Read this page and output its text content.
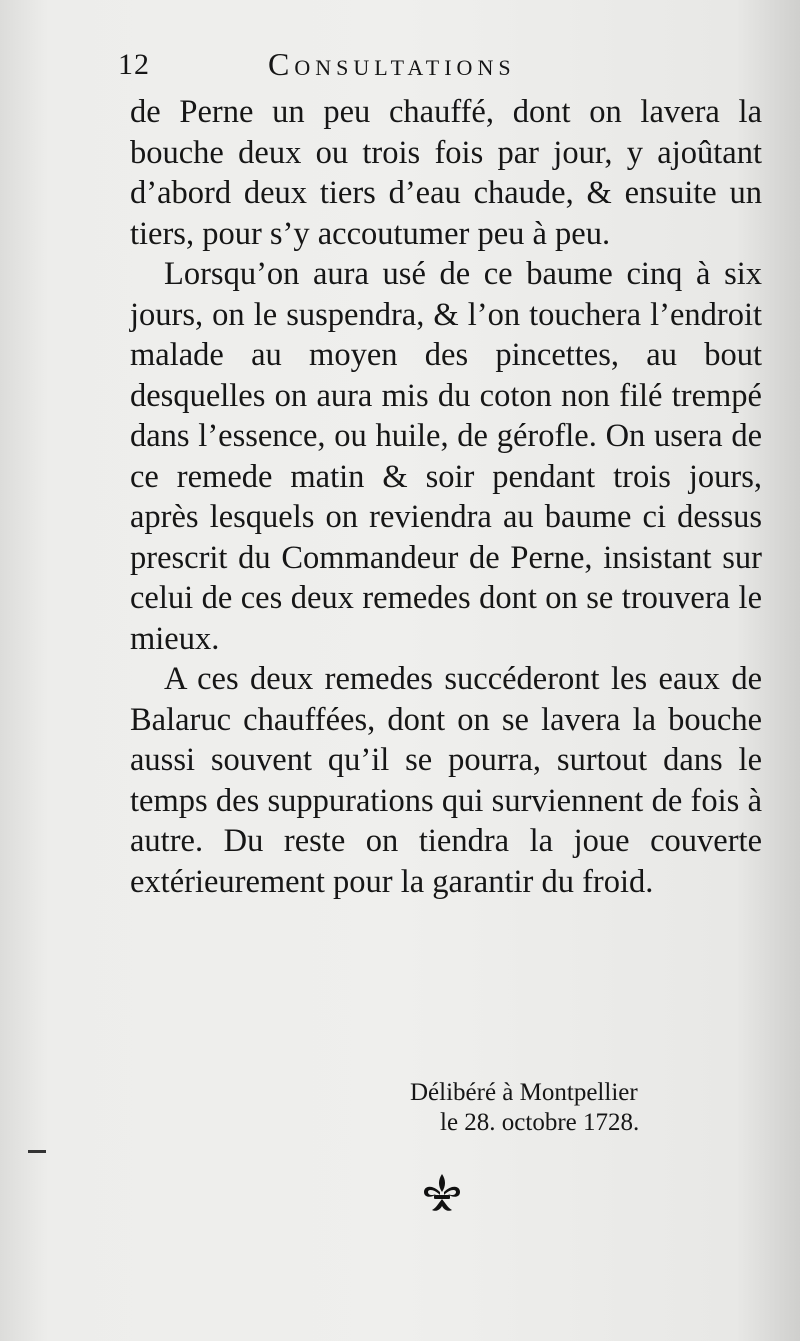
12	Consultations

de Perne un peu chauffé, dont on lavera la bouche deux ou trois fois par jour, y ajoûtant d’abord deux tiers d’eau chaude, & ensuite un tiers, pour s’y accoutumer peu à peu.

Lorsqu’on aura usé de ce baume cinq à six jours, on le suspendra, & l’on touchera l’endroit malade au moyen des pincettes, au bout desquelles on aura mis du coton non filé trempé dans l’essence, ou huile, de gérofle. On usera de ce remede matin & soir pendant trois jours, après lesquels on reviendra au baume ci dessus prescrit du Commandeur de Perne, insistant sur celui de ces deux remedes dont on se trouvera le mieux.

A ces deux remedes succéderont les eaux de Balaruc chauffées, dont on se lavera la bouche aussi souvent qu’il se pourra, surtout dans le temps des suppurations qui surviennent de fois à autre. Du reste on tiendra la joue couverte extérieurement pour la garantir du froid.

Délibéré à Montpellier
le 28. octobre 1728.
